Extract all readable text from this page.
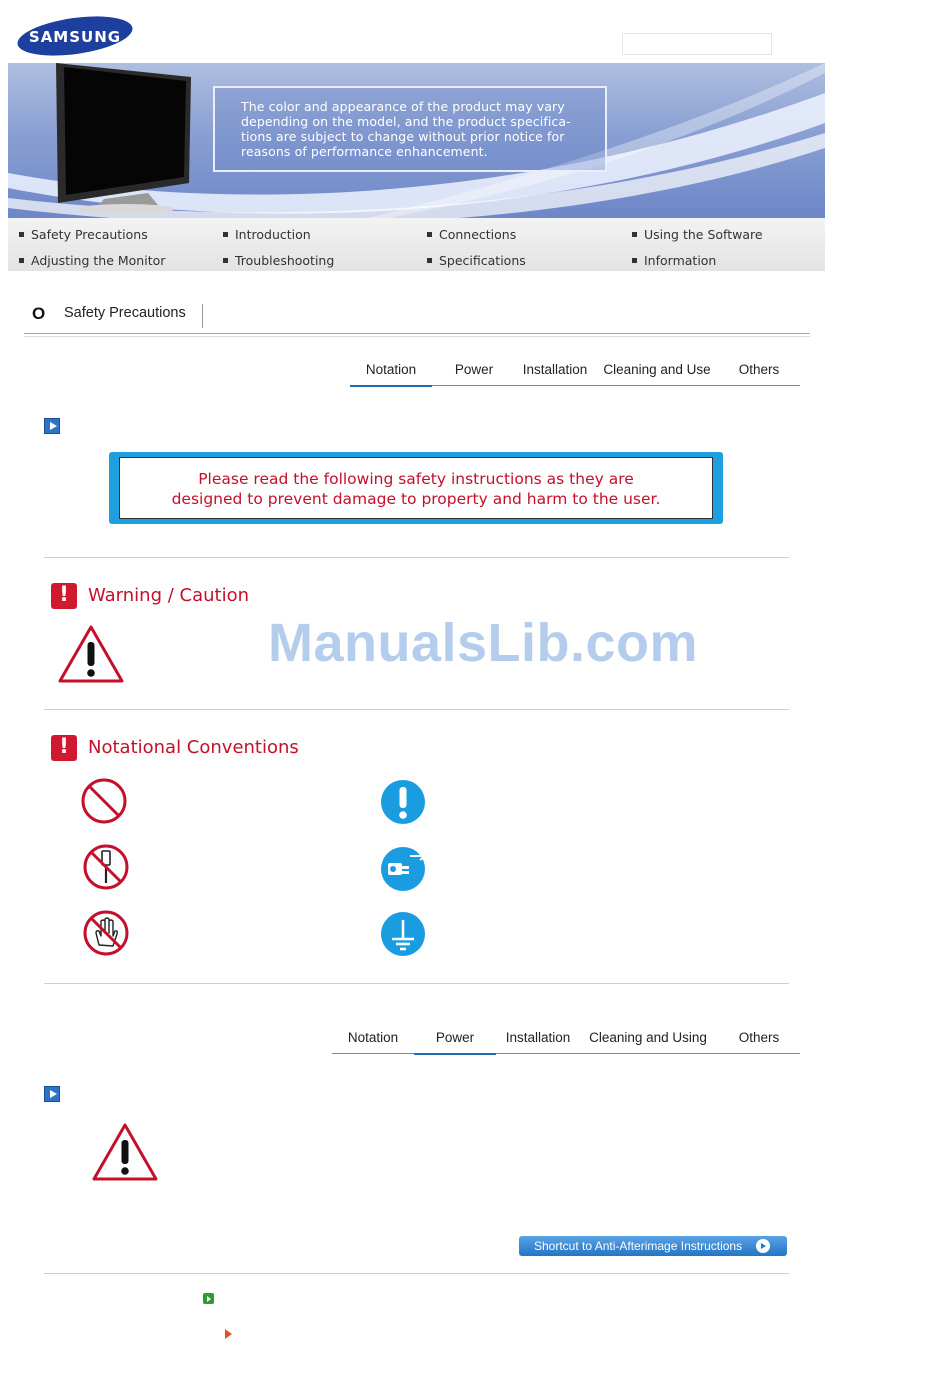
SAMSUNG
The color and appearance of the product may vary
depending on the model, and the product specifica-
tions are subject to change without prior notice for
reasons of performance enhancement.
Safety Precautions	Introduction	Connections	Using the Software
Adjusting the Monitor	Troubleshooting	Specifications	Information
O Safety Precautions
Notation	Power	Installation	Cleaning and Use	Others
Please read the following safety instructions as they are
designed to prevent damage to property and harm to the user.
!
Warning / Caution
ManualsLib.com
!
Notational Conventions
Notation	Power	Installation	Cleaning and Using	Others
Shortcut to Anti-Afterimage Instructions
